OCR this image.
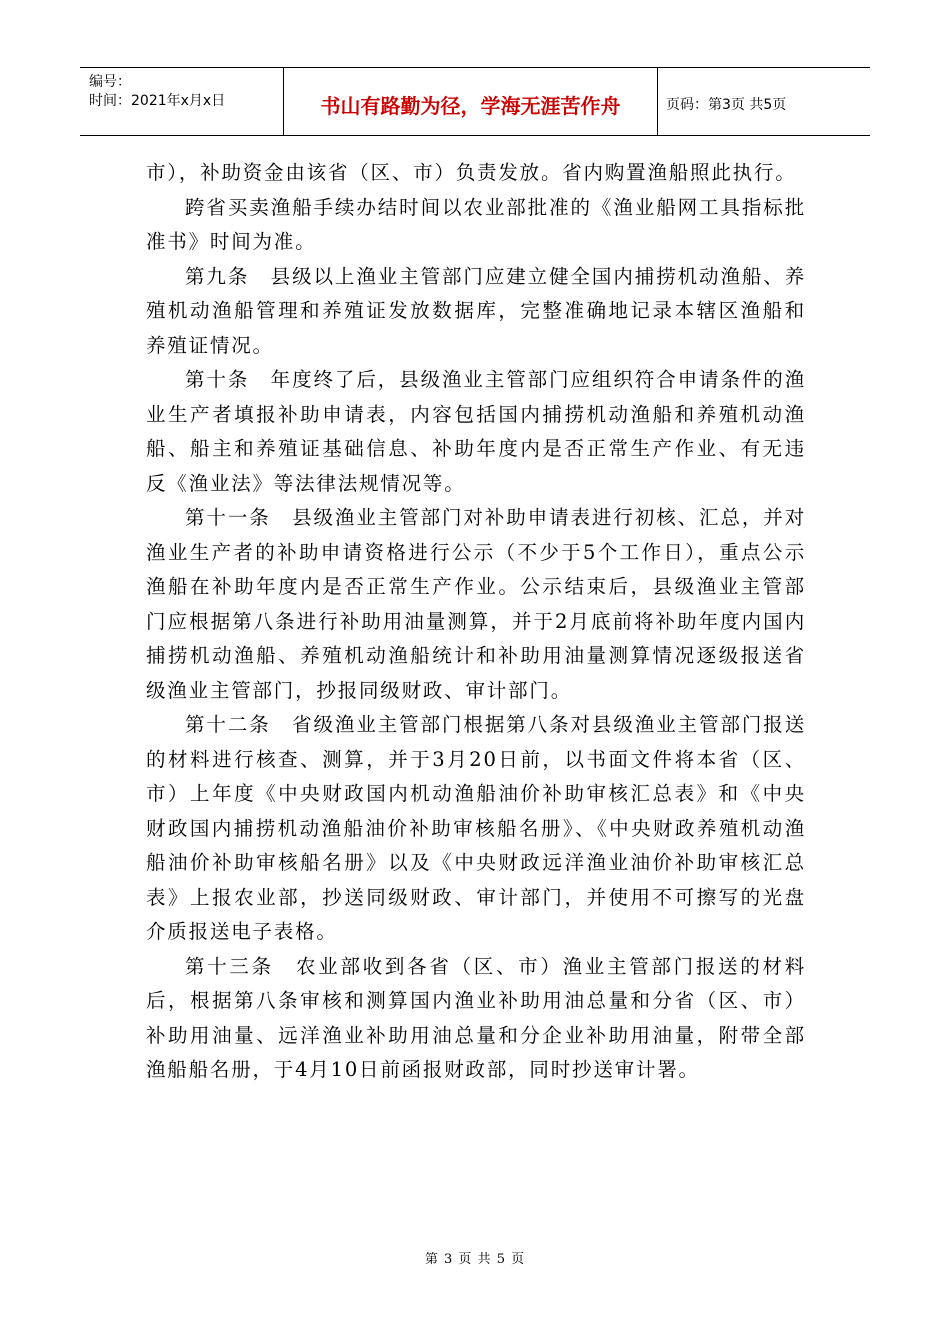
编号：
时间：2021年x月x日	书山有路勤为径，学海无涯苦作舟	页码：第3页 共5页

市），补助资金由该省（区、市）负责发放。省内购置渔船照此执行。

跨省买卖渔船手续办结时间以农业部批准的《渔业船网工具指标批准书》时间为准。

第九条　县级以上渔业主管部门应建立健全国内捕捞机动渔船、养殖机动渔船管理和养殖证发放数据库，完整准确地记录本辖区渔船和养殖证情况。

第十条　年度终了后，县级渔业主管部门应组织符合申请条件的渔业生产者填报补助申请表，内容包括国内捕捞机动渔船和养殖机动渔船、船主和养殖证基础信息、补助年度内是否正常生产作业、有无违反《渔业法》等法律法规情况等。

第十一条　县级渔业主管部门对补助申请表进行初核、汇总，并对渔业生产者的补助申请资格进行公示（不少于5个工作日），重点公示渔船在补助年度内是否正常生产作业。公示结束后，县级渔业主管部门应根据第八条进行补助用油量测算，并于2月底前将补助年度内国内捕捞机动渔船、养殖机动渔船统计和补助用油量测算情况逐级报送省级渔业主管部门，抄报同级财政、审计部门。

第十二条　省级渔业主管部门根据第八条对县级渔业主管部门报送的材料进行核查、测算，并于3月20日前，以书面文件将本省（区、市）上年度《中央财政国内机动渔船油价补助审核汇总表》和《中央财政国内捕捞机动渔船油价补助审核船名册》、《中央财政养殖机动渔船油价补助审核船名册》以及《中央财政远洋渔业油价补助审核汇总表》上报农业部，抄送同级财政、审计部门，并使用不可擦写的光盘介质报送电子表格。

第十三条　农业部收到各省（区、市）渔业主管部门报送的材料后，根据第八条审核和测算国内渔业补助用油总量和分省（区、市）补助用油量、远洋渔业补助用油总量和分企业补助用油量，附带全部渔船船名册，于4月10日前函报财政部，同时抄送审计署。

第 3 页 共 5 页
